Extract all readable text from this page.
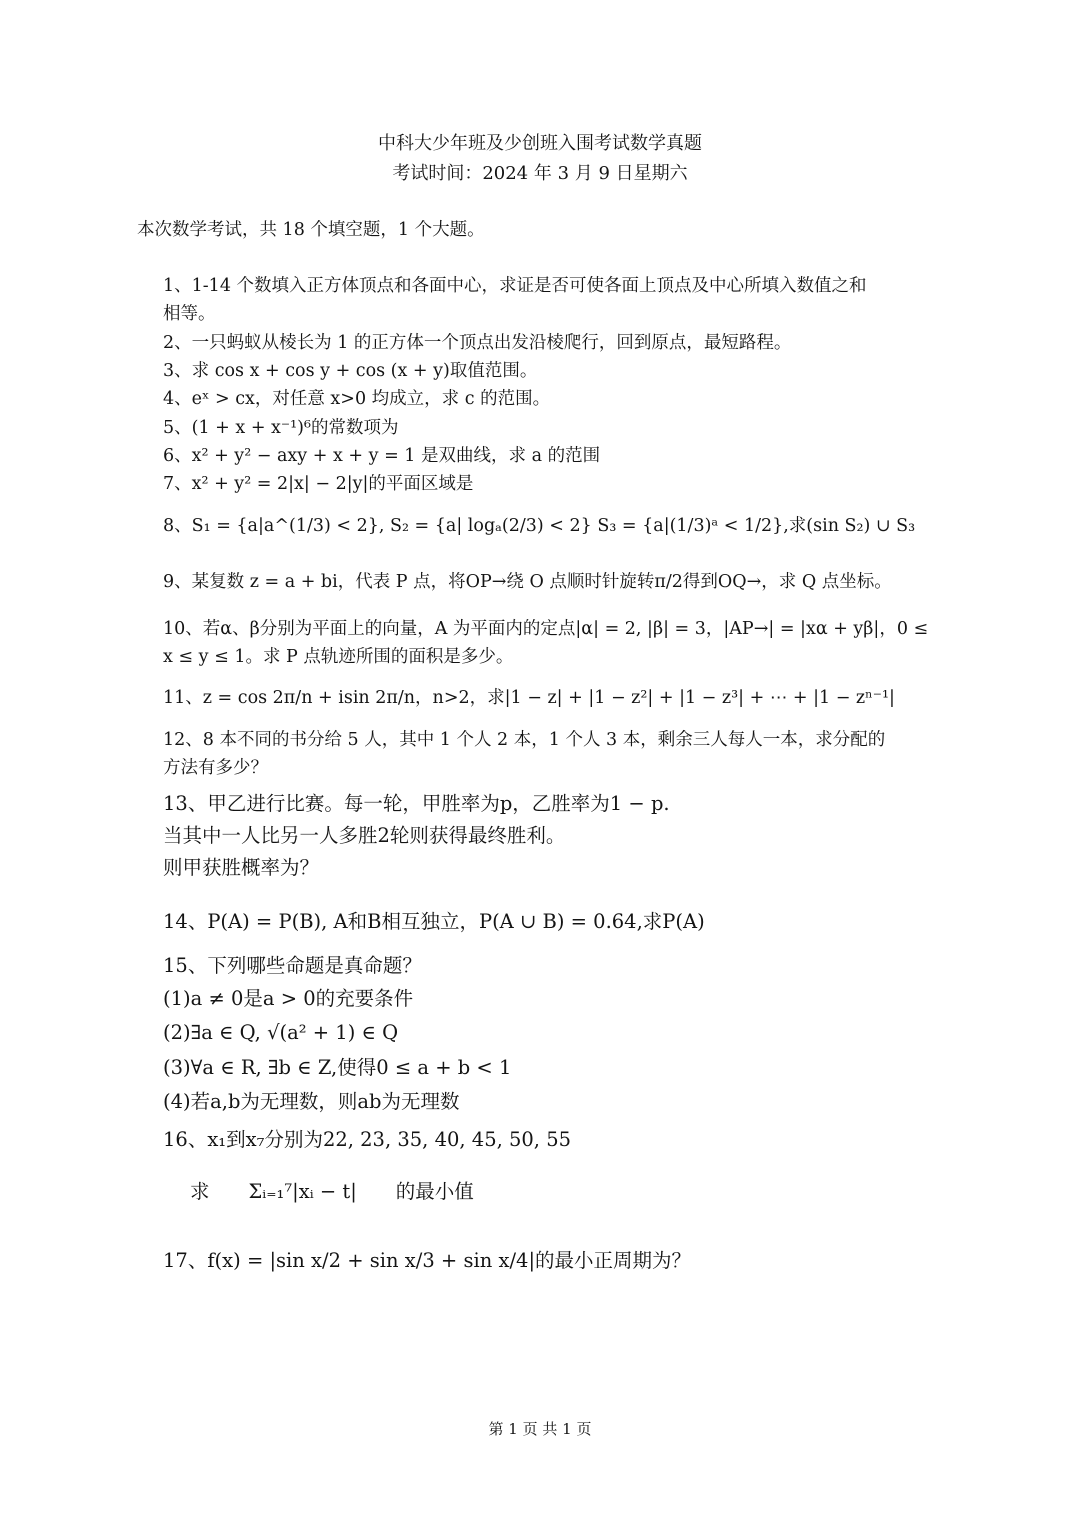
中科大少年班及少创班入围考试数学真题
考试时间：2024 年 3 月 9 日星期六
本次数学考试，共 18 个填空题，1 个大题。
1、1-14 个数填入正方体顶点和各面中心，求证是否可使各面上顶点及中心所填入数值之和
相等。
2、一只蚂蚁从棱长为 1 的正方体一个顶点出发沿棱爬行，回到原点，最短路程。
3、求 cos x + cos y + cos (x + y)取值范围。
4、eˣ > cx，对任意 x>0 均成立，求 c 的范围。
5、(1 + x + x⁻¹)⁶的常数项为
6、x² + y² − axy + x + y = 1 是双曲线，求 a 的范围
7、x² + y² = 2|x| − 2|y|的平面区域是
8、S₁ = {a|a^(1/3) < 2}, S₂ = {a| logₐ(2/3) < 2} S₃ = {a|(1/3)ᵃ < 1/2},求(sin S₂) ∪ S₃
9、某复数 z = a + bi，代表 P 点，将OP→绕 O 点顺时针旋转π/2得到OQ→，求 Q 点坐标。
10、若α、β分别为平面上的向量，A 为平面内的定点|α| = 2, |β| = 3，|AP→| = |xα + yβ|，0 ≤
x ≤ y ≤ 1。求 P 点轨迹所围的面积是多少。
11、z = cos 2π/n + isin 2π/n，n>2，求|1 − z| + |1 − z²| + |1 − z³| + ⋯ + |1 − zⁿ⁻¹|
12、8 本不同的书分给 5 人，其中 1 个人 2 本，1 个人 3 本，剩余三人每人一本，求分配的
方法有多少？
13、甲乙进行比赛。每一轮，甲胜率为p，乙胜率为1 − p.
当其中一人比另一人多胜2轮则获得最终胜利。
则甲获胜概率为？
14、P(A) = P(B), A和B相互独立，P(A ∪ B) = 0.64,求P(A)
15、下列哪些命题是真命题？
(1)a ≠ 0是a > 0的充要条件
(2)∃a ∈ Q, √(a² + 1) ∈ Q
(3)∀a ∈ R, ∃b ∈ Z,使得0 ≤ a + b < 1
(4)若a,b为无理数，则ab为无理数
16、x₁到x₇分别为22, 23, 35, 40, 45, 50, 55
求　　Σᵢ₌₁⁷|xᵢ − t|　　的最小值
17、f(x) = |sin x/2 + sin x/3 + sin x/4|的最小正周期为？
第 1 页 共 1 页
